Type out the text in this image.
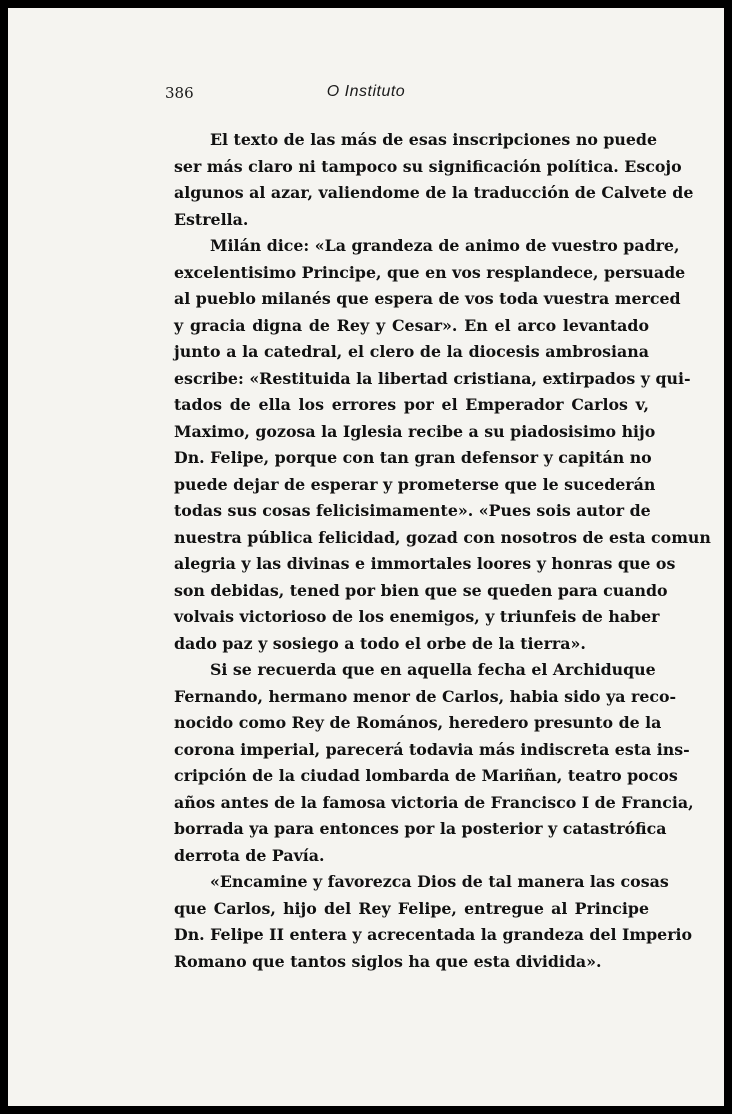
386	O Instituto

El texto de las más de esas inscripciones no puede
ser más claro ni tampoco su significación política. Escojo
algunos al azar, valiendome de la traducción de Calvete de
Estrella.

Milán dice: «La grandeza de animo de vuestro padre,
excelentisimo Principe, que en vos resplandece, persuade
al pueblo milanés que espera de vos toda vuestra merced
y gracia digna de Rey y Cesar». En el arco levantado
junto a la catedral, el clero de la diocesis ambrosiana
escribe: «Restituida la libertad cristiana, extirpados y qui-
tados de ella los errores por el Emperador Carlos v,
Maximo, gozosa la Iglesia recibe a su piadosisimo hijo
Dn. Felipe, porque con tan gran defensor y capitán no
puede dejar de esperar y prometerse que le sucederán
todas sus cosas felicisimamente». «Pues sois autor de
nuestra pública felicidad, gozad con nosotros de esta comun
alegria y las divinas e immortales loores y honras que os
son debidas, tened por bien que se queden para cuando
volvais victorioso de los enemigos, y triunfeis de haber
dado paz y sosiego a todo el orbe de la tierra».

Si se recuerda que en aquella fecha el Archiduque
Fernando, hermano menor de Carlos, habia sido ya reco-
nocido como Rey de Romános, heredero presunto de la
corona imperial, parecerá todavia más indiscreta esta ins-
cripción de la ciudad lombarda de Mariñan, teatro pocos
años antes de la famosa victoria de Francisco I de Francia,
borrada ya para entonces por la posterior y catastrófica
derrota de Pavía.

«Encamine y favorezca Dios de tal manera las cosas
que Carlos, hijo del Rey Felipe, entregue al Principe
Dn. Felipe II entera y acrecentada la grandeza del Imperio
Romano que tantos siglos ha que esta dividida».
